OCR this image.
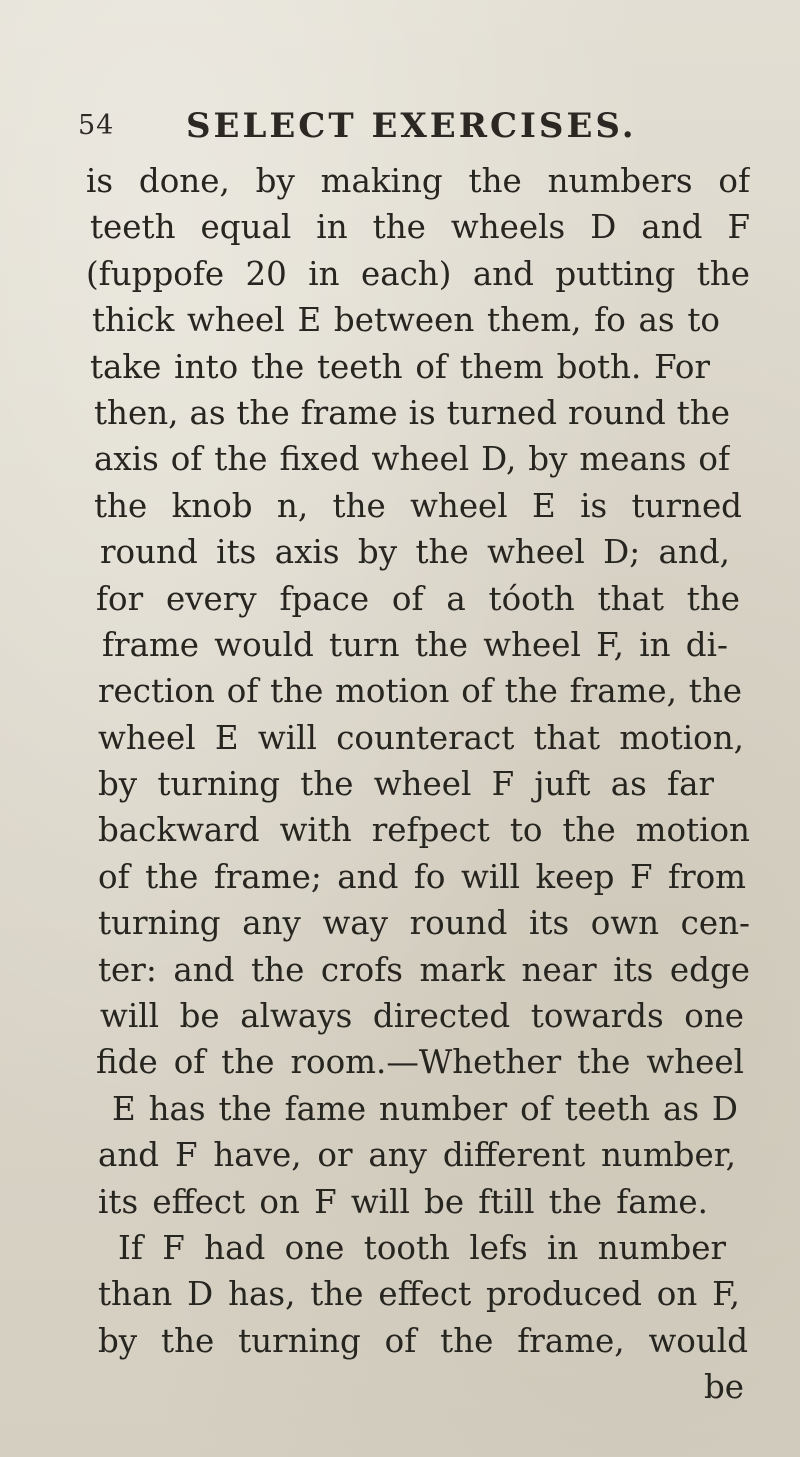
54 SELECT EXERCISES.
is done, by making the numbers of
teeth equal in the wheels D and F
(fuppofe 20 in each) and putting the
thick wheel E between them, fo as to
take into the teeth of them both. For
then, as the frame is turned round the
axis of the fixed wheel D, by means of
the knob n, the wheel E is turned
round its axis by the wheel D; and,
for every fpace of a tóoth that the
frame would turn the wheel F, in di-
rection of the motion of the frame, the
wheel E will counteract that motion,
by turning the wheel F juft as far
backward with refpect to the motion
of the frame; and fo will keep F from
turning any way round its own cen-
ter: and the crofs mark near its edge
will be always directed towards one
fide of the room.—Whether the wheel
E has the fame number of teeth as D
and F have, or any different number,
its effect on F will be ftill the fame.
If F had one tooth lefs in number
than D has, the effect produced on F,
by the turning of the frame, would
be
